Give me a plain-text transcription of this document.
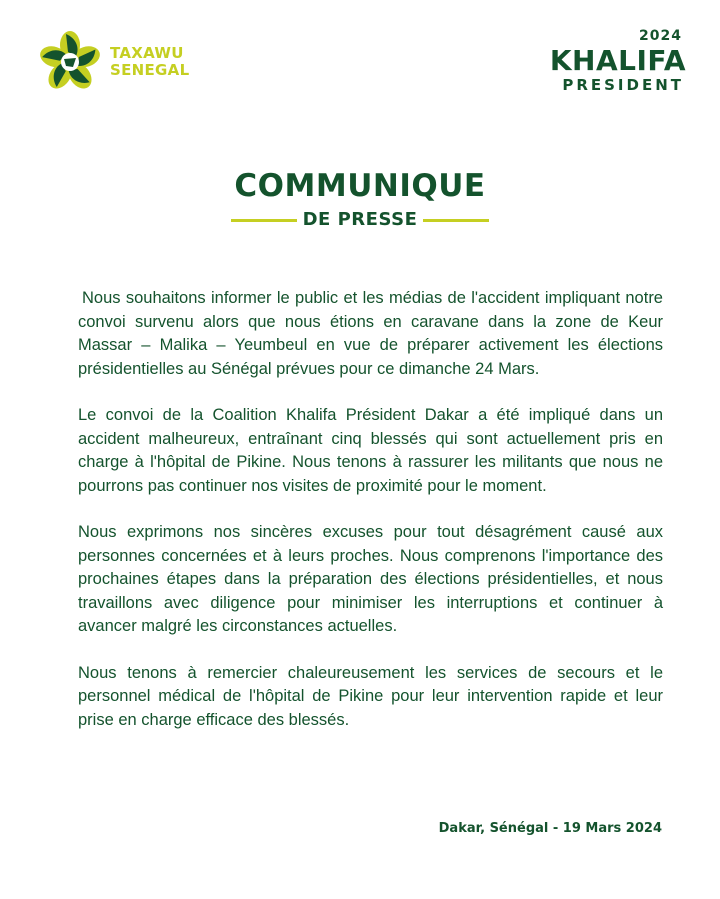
TAXAWU
SENEGAL
2024
KHALIFA
PRESIDENT
COMMUNIQUE
DE PRESSE

Nous souhaitons informer le public et les médias de l'accident impliquant notre convoi survenu alors que nous étions en caravane dans la zone de Keur Massar – Malika – Yeumbeul en vue de préparer activement les élections présidentielles au Sénégal prévues pour ce dimanche 24 Mars.

Le convoi de la Coalition Khalifa Président Dakar a été impliqué dans un accident malheureux, entraînant cinq blessés qui sont actuellement pris en charge à l'hôpital de Pikine. Nous tenons à rassurer les militants que nous ne pourrons pas continuer nos visites de proximité pour le moment.

Nous exprimons nos sincères excuses pour tout désagrément causé aux personnes concernées et à leurs proches. Nous comprenons l'importance des prochaines étapes dans la préparation des élections présidentielles, et nous travaillons avec diligence pour minimiser les interruptions et continuer à avancer malgré les circonstances actuelles.

Nous tenons à remercier chaleureusement les services de secours et le personnel médical de l'hôpital de Pikine pour leur intervention rapide et leur prise en charge efficace des blessés.

Dakar, Sénégal - 19 Mars 2024
